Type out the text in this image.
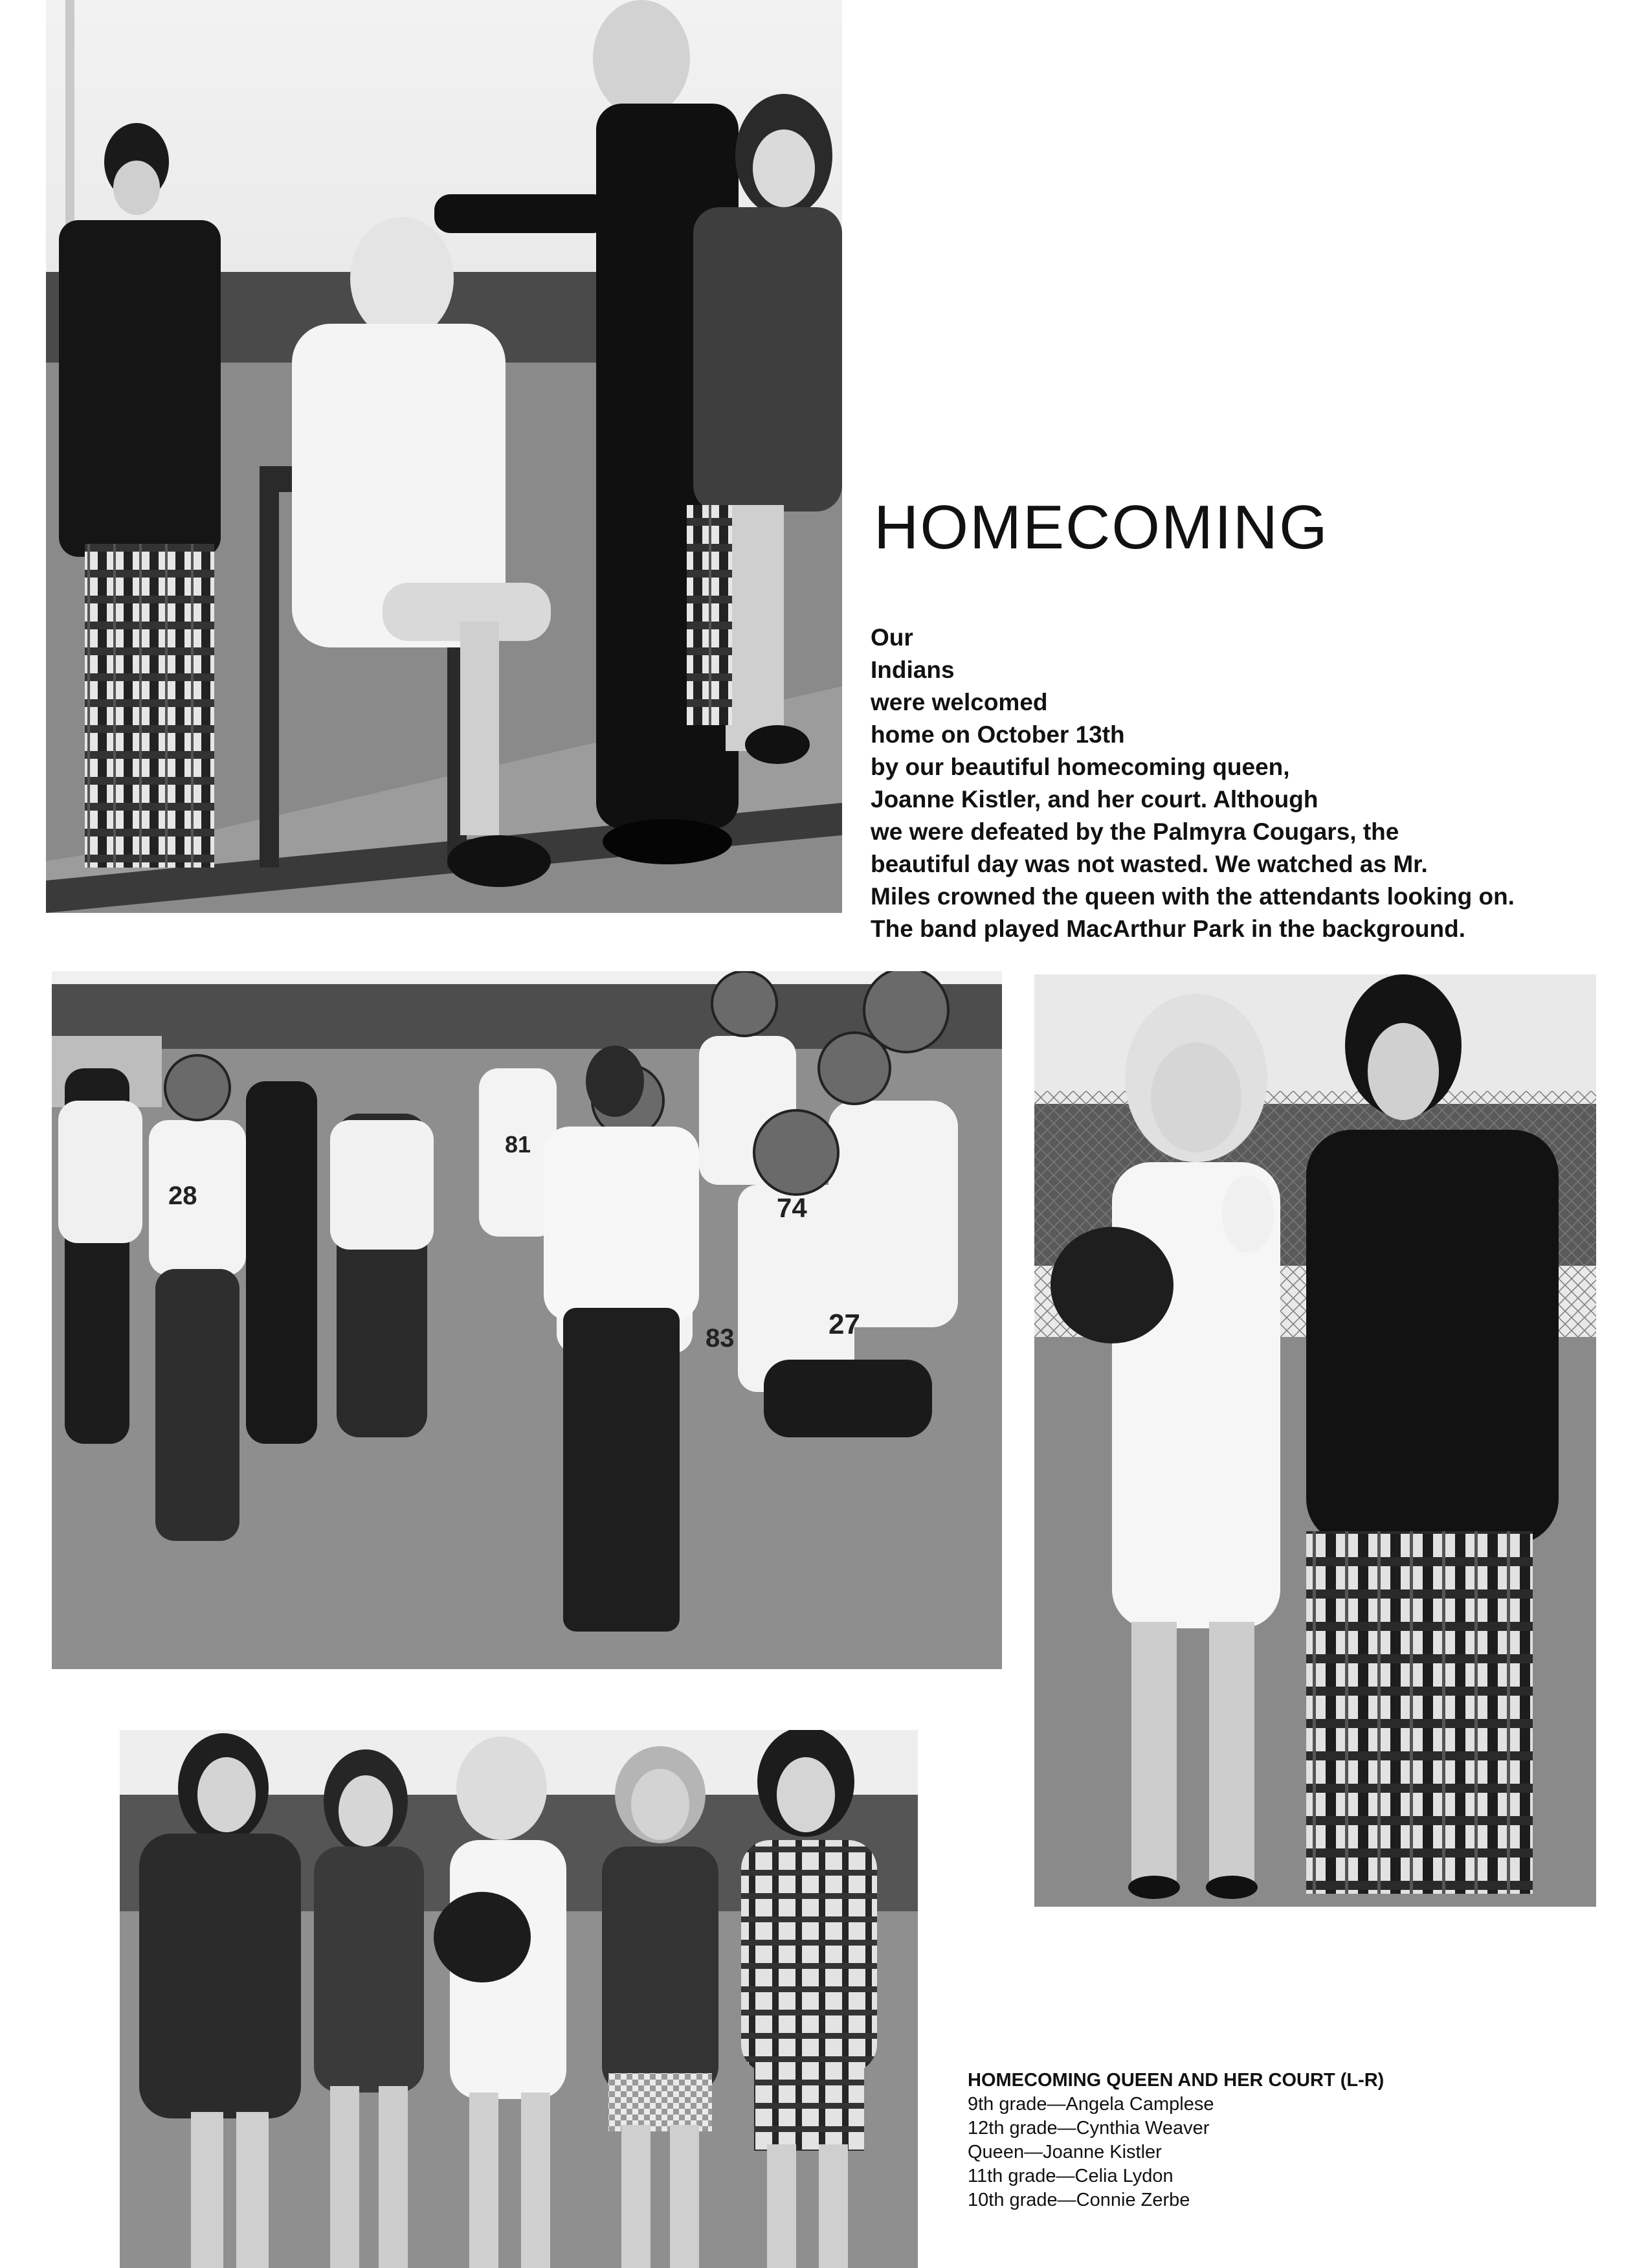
HOMECOMING
Our
Indians
were welcomed
home on October 13th
by our beautiful homecoming queen,
Joanne Kistler, and her court. Although
we were defeated by the Palmyra Cougars, the
beautiful day was not wasted. We watched as Mr.
Miles crowned the queen with the attendants looking on.
The band played MacArthur Park in the background.
28
81
83	27
74
HOMECOMING QUEEN AND HER COURT (L-R)
9th grade—Angela Camplese
12th grade—Cynthia Weaver
Queen—Joanne Kistler
11th grade—Celia Lydon
10th grade—Connie Zerbe
